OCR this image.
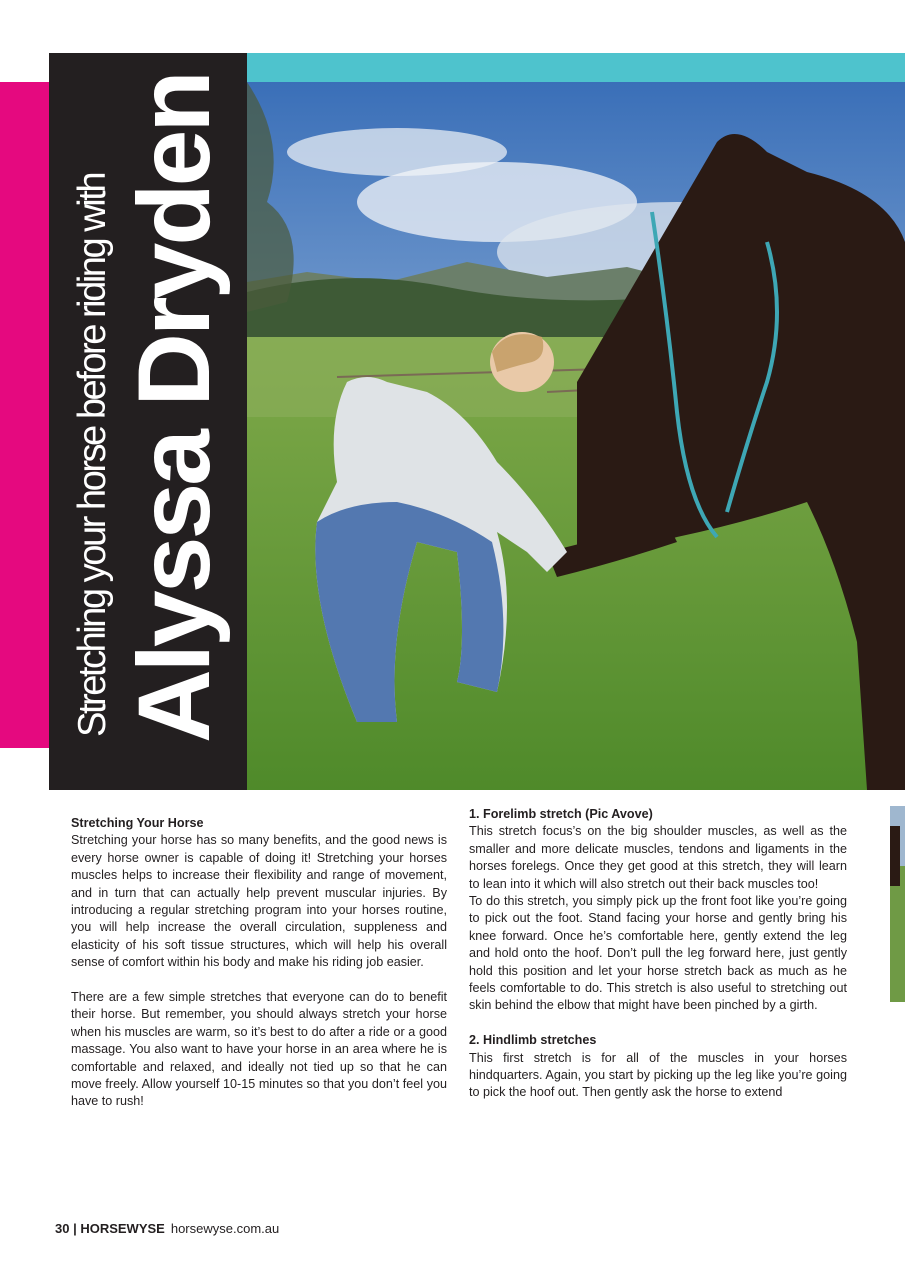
Stretching your horse before riding with Alyssa Dryden
Stretching Your Horse

Stretching your horse has so many benefits, and the good news is every horse owner is capable of doing it! Stretching your horses muscles helps to increase their flexibility and range of movement, and in turn that can actually help prevent muscular injuries. By introducing a regular stretching program into your horses routine, you will help increase the overall circulation, suppleness and elasticity of his soft tissue structures, which will help his overall sense of comfort within his body and make his riding job easier.

There are a few simple stretches that everyone can do to benefit their horse. But remember, you should always stretch your horse when his muscles are warm, so it’s best to do after a ride or a good massage. You also want to have your horse in an area where he is comfortable and relaxed, and ideally not tied up so that he can move freely. Allow yourself 10-15 minutes so that you don’t feel you have to rush!

1. Forelimb stretch (Pic Avove)

This stretch focus’s on the big shoulder muscles, as well as the smaller and more delicate muscles, tendons and ligaments in the horses forelegs. Once they get good at this stretch, they will learn to lean into it which will also stretch out their back muscles too!

To do this stretch, you simply pick up the front foot like you’re going to pick out the foot. Stand facing your horse and gently bring his knee forward. Once he’s comfortable here, gently extend the leg and hold onto the hoof. Don’t pull the leg forward here, just gently hold this position and let your horse stretch back as much as he feels comfortable to do. This stretch is also useful to stretching out skin behind the elbow that might have been pinched by a girth.

2. Hindlimb stretches

This first stretch is for all of the muscles in your horses hindquarters. Again, you start by picking up the leg like you’re going to pick the hoof out. Then gently ask the horse to extend

30 | HORSEWYSE horsewyse.com.au
